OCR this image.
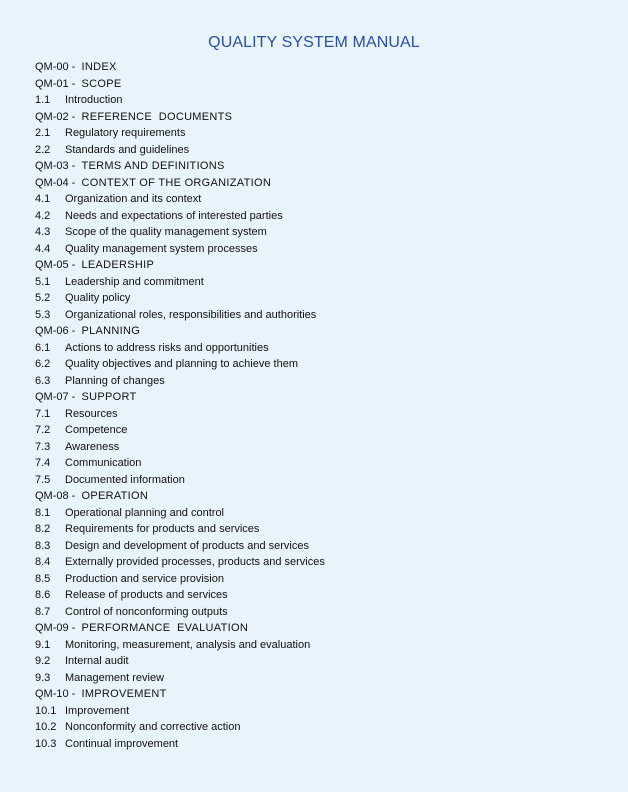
QUALITY SYSTEM MANUAL
QM-00 -  INDEX
QM-01 -  SCOPE
1.1 Introduction
QM-02 -  REFERENCE  DOCUMENTS
2.1 Regulatory requirements
2.2 Standards and guidelines
QM-03 -  TERMS AND DEFINITIONS
QM-04 -  CONTEXT OF THE ORGANIZATION
4.1 Organization and its context
4.2 Needs and expectations of interested parties
4.3 Scope of the quality management system
4.4 Quality management system processes
QM-05 -  LEADERSHIP
5.1 Leadership and commitment
5.2 Quality policy
5.3 Organizational roles, responsibilities and authorities
QM-06 -  PLANNING
6.1 Actions to address risks and opportunities
6.2 Quality objectives and planning to achieve them
6.3 Planning of changes
QM-07 -  SUPPORT
7.1 Resources
7.2 Competence
7.3 Awareness
7.4 Communication
7.5 Documented information
QM-08 -  OPERATION
8.1 Operational planning and control
8.2 Requirements for products and services
8.3 Design and development of products and services
8.4 Externally provided processes, products and services
8.5 Production and service provision
8.6 Release of products and services
8.7 Control of nonconforming outputs
QM-09 -  PERFORMANCE  EVALUATION
9.1 Monitoring, measurement, analysis and evaluation
9.2 Internal audit
9.3 Management review
QM-10 -  IMPROVEMENT
10.1 Improvement
10.2 Nonconformity and corrective action
10.3 Continual improvement
